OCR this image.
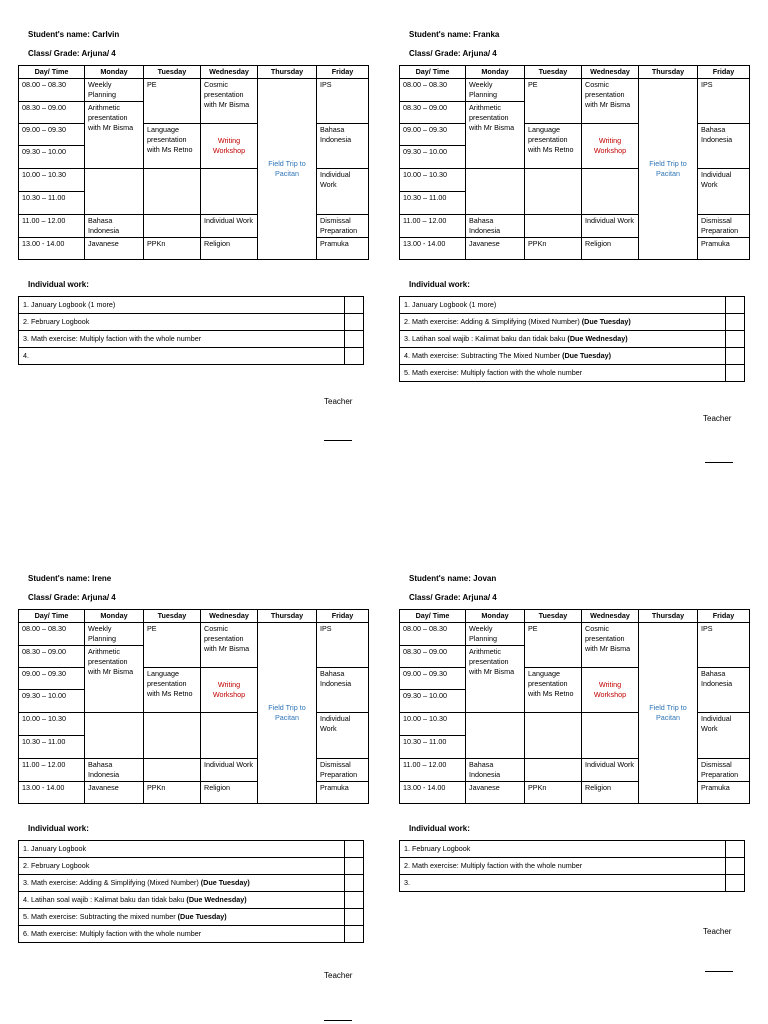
Student's name: Carlvin
Class/ Grade: Arjuna/ 4
Day/ Time	Monday	Tuesday	Wednesday	Thursday	Friday
08.00 – 08.30	Weekly Planning	PE	Cosmic presentation with Mr Bisma	Field Trip to Pacitan	IPS
08.30 – 09.00	Arithmetic presentation with Mr Bisma				
09.00 – 09.30		Language presentation with Ms Retno	Writing Workshop		Bahasa Indonesia
09.30 – 10.00					
10.00 – 10.30					Individual Work
10.30 – 11.00					
11.00 – 12.00	Bahasa Indonesia		Individual Work		Dismissal Preparation
13.00 - 14.00	Javanese	PPKn	Religion		Pramuka
Individual work:
1. January Logbook (1 more)	
2. February Logbook	
3. Math exercise: Multiply faction with the whole number	
4.	
Teacher
Student's name: Franka
Class/ Grade: Arjuna/ 4
Day/ Time	Monday	Tuesday	Wednesday	Thursday	Friday
08.00 – 08.30	Weekly Planning	PE	Cosmic presentation with Mr Bisma	Field Trip to Pacitan	IPS
08.30 – 09.00	Arithmetic presentation with Mr Bisma				
09.00 – 09.30		Language presentation with Ms Retno	Writing Workshop		Bahasa Indonesia
09.30 – 10.00					
10.00 – 10.30					Individual Work
10.30 – 11.00					
11.00 – 12.00	Bahasa Indonesia		Individual Work		Dismissal Preparation
13.00 - 14.00	Javanese	PPKn	Religion		Pramuka
Individual work:
1. January Logbook (1 more)	
2. Math exercise: Adding & Simplifying (Mixed Number) (Due Tuesday)	
3. Latihan soal wajib : Kalimat baku dan tidak baku (Due Wednesday)	
4. Math exercise: Subtracting The Mixed Number (Due Tuesday)	
5. Math exercise: Multiply faction with the whole number	
Teacher
Student's name: Irene
Class/ Grade: Arjuna/ 4
Day/ Time	Monday	Tuesday	Wednesday	Thursday	Friday
08.00 – 08.30	Weekly Planning	PE	Cosmic presentation with Mr Bisma	Field Trip to Pacitan	IPS
08.30 – 09.00	Arithmetic presentation with Mr Bisma				
09.00 – 09.30		Language presentation with Ms Retno	Writing Workshop		Bahasa Indonesia
09.30 – 10.00					
10.00 – 10.30					Individual Work
10.30 – 11.00					
11.00 – 12.00	Bahasa Indonesia		Individual Work		Dismissal Preparation
13.00 - 14.00	Javanese	PPKn	Religion		Pramuka
Individual work:
1. January Logbook	
2. February Logbook	
3. Math exercise: Adding & Simplifying (Mixed Number) (Due Tuesday)	
4. Latihan soal wajib : Kalimat baku dan tidak baku (Due Wednesday)	
5. Math exercise: Subtracting the mixed number (Due Tuesday)	
6. Math exercise: Multiply faction with the whole number	
Teacher
Student's name: Jovan
Class/ Grade: Arjuna/ 4
Day/ Time	Monday	Tuesday	Wednesday	Thursday	Friday
08.00 – 08.30	Weekly Planning	PE	Cosmic presentation with Mr Bisma	Field Trip to Pacitan	IPS
08.30 – 09.00	Arithmetic presentation with Mr Bisma				
09.00 – 09.30		Language presentation with Ms Retno	Writing Workshop		Bahasa Indonesia
09.30 – 10.00					
10.00 – 10.30					Individual Work
10.30 – 11.00					
11.00 – 12.00	Bahasa Indonesia		Individual Work		Dismissal Preparation
13.00 - 14.00	Javanese	PPKn	Religion		Pramuka
Individual work:
1. February Logbook	
2. Math exercise: Multiply faction with the whole number	
3.	
Teacher
